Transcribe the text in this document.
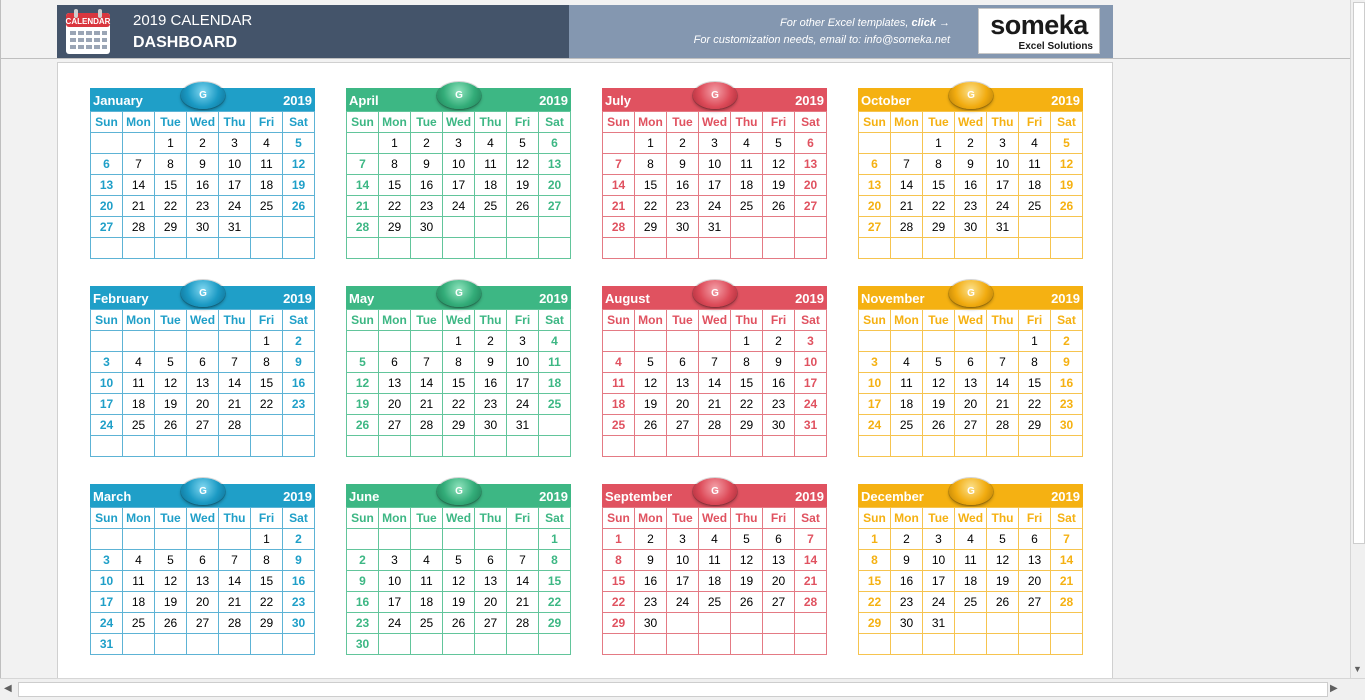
CALENDAR 2019 CALENDAR
DASHBOARD
For other Excel templates, click →
For customization needs, email to: info@someka.net	someka
Excel Solutions
January	2019
G
Sun	Mon	Tue	Wed	Thu	Fri	Sat
		1	2	3	4	5
6	7	8	9	10	11	12
13	14	15	16	17	18	19
20	21	22	23	24	25	26
27	28	29	30	31		

February	2019
G
Sun	Mon	Tue	Wed	Thu	Fri	Sat
					1	2
3	4	5	6	7	8	9
10	11	12	13	14	15	16
17	18	19	20	21	22	23
24	25	26	27	28		

March	2019
G
Sun	Mon	Tue	Wed	Thu	Fri	Sat
					1	2
3	4	5	6	7	8	9
10	11	12	13	14	15	16
17	18	19	20	21	22	23
24	25	26	27	28	29	30
31						
April	2019
G
Sun	Mon	Tue	Wed	Thu	Fri	Sat
	1	2	3	4	5	6
7	8	9	10	11	12	13
14	15	16	17	18	19	20
21	22	23	24	25	26	27
28	29	30				

May	2019
G
Sun	Mon	Tue	Wed	Thu	Fri	Sat
			1	2	3	4
5	6	7	8	9	10	11
12	13	14	15	16	17	18
19	20	21	22	23	24	25
26	27	28	29	30	31	

June	2019
G
Sun	Mon	Tue	Wed	Thu	Fri	Sat
						1
2	3	4	5	6	7	8
9	10	11	12	13	14	15
16	17	18	19	20	21	22
23	24	25	26	27	28	29
30						
July	2019
G
Sun	Mon	Tue	Wed	Thu	Fri	Sat
	1	2	3	4	5	6
7	8	9	10	11	12	13
14	15	16	17	18	19	20
21	22	23	24	25	26	27
28	29	30	31			

August	2019
G
Sun	Mon	Tue	Wed	Thu	Fri	Sat
				1	2	3
4	5	6	7	8	9	10
11	12	13	14	15	16	17
18	19	20	21	22	23	24
25	26	27	28	29	30	31

September	2019
G
Sun	Mon	Tue	Wed	Thu	Fri	Sat
1	2	3	4	5	6	7
8	9	10	11	12	13	14
15	16	17	18	19	20	21
22	23	24	25	26	27	28
29	30					

October	2019
G
Sun	Mon	Tue	Wed	Thu	Fri	Sat
		1	2	3	4	5
6	7	8	9	10	11	12
13	14	15	16	17	18	19
20	21	22	23	24	25	26
27	28	29	30	31		

November	2019
G
Sun	Mon	Tue	Wed	Thu	Fri	Sat
					1	2
3	4	5	6	7	8	9
10	11	12	13	14	15	16
17	18	19	20	21	22	23
24	25	26	27	28	29	30

December	2019
G
Sun	Mon	Tue	Wed	Thu	Fri	Sat
1	2	3	4	5	6	7
8	9	10	11	12	13	14
15	16	17	18	19	20	21
22	23	24	25	26	27	28
29	30	31				

▼
◀	▶
